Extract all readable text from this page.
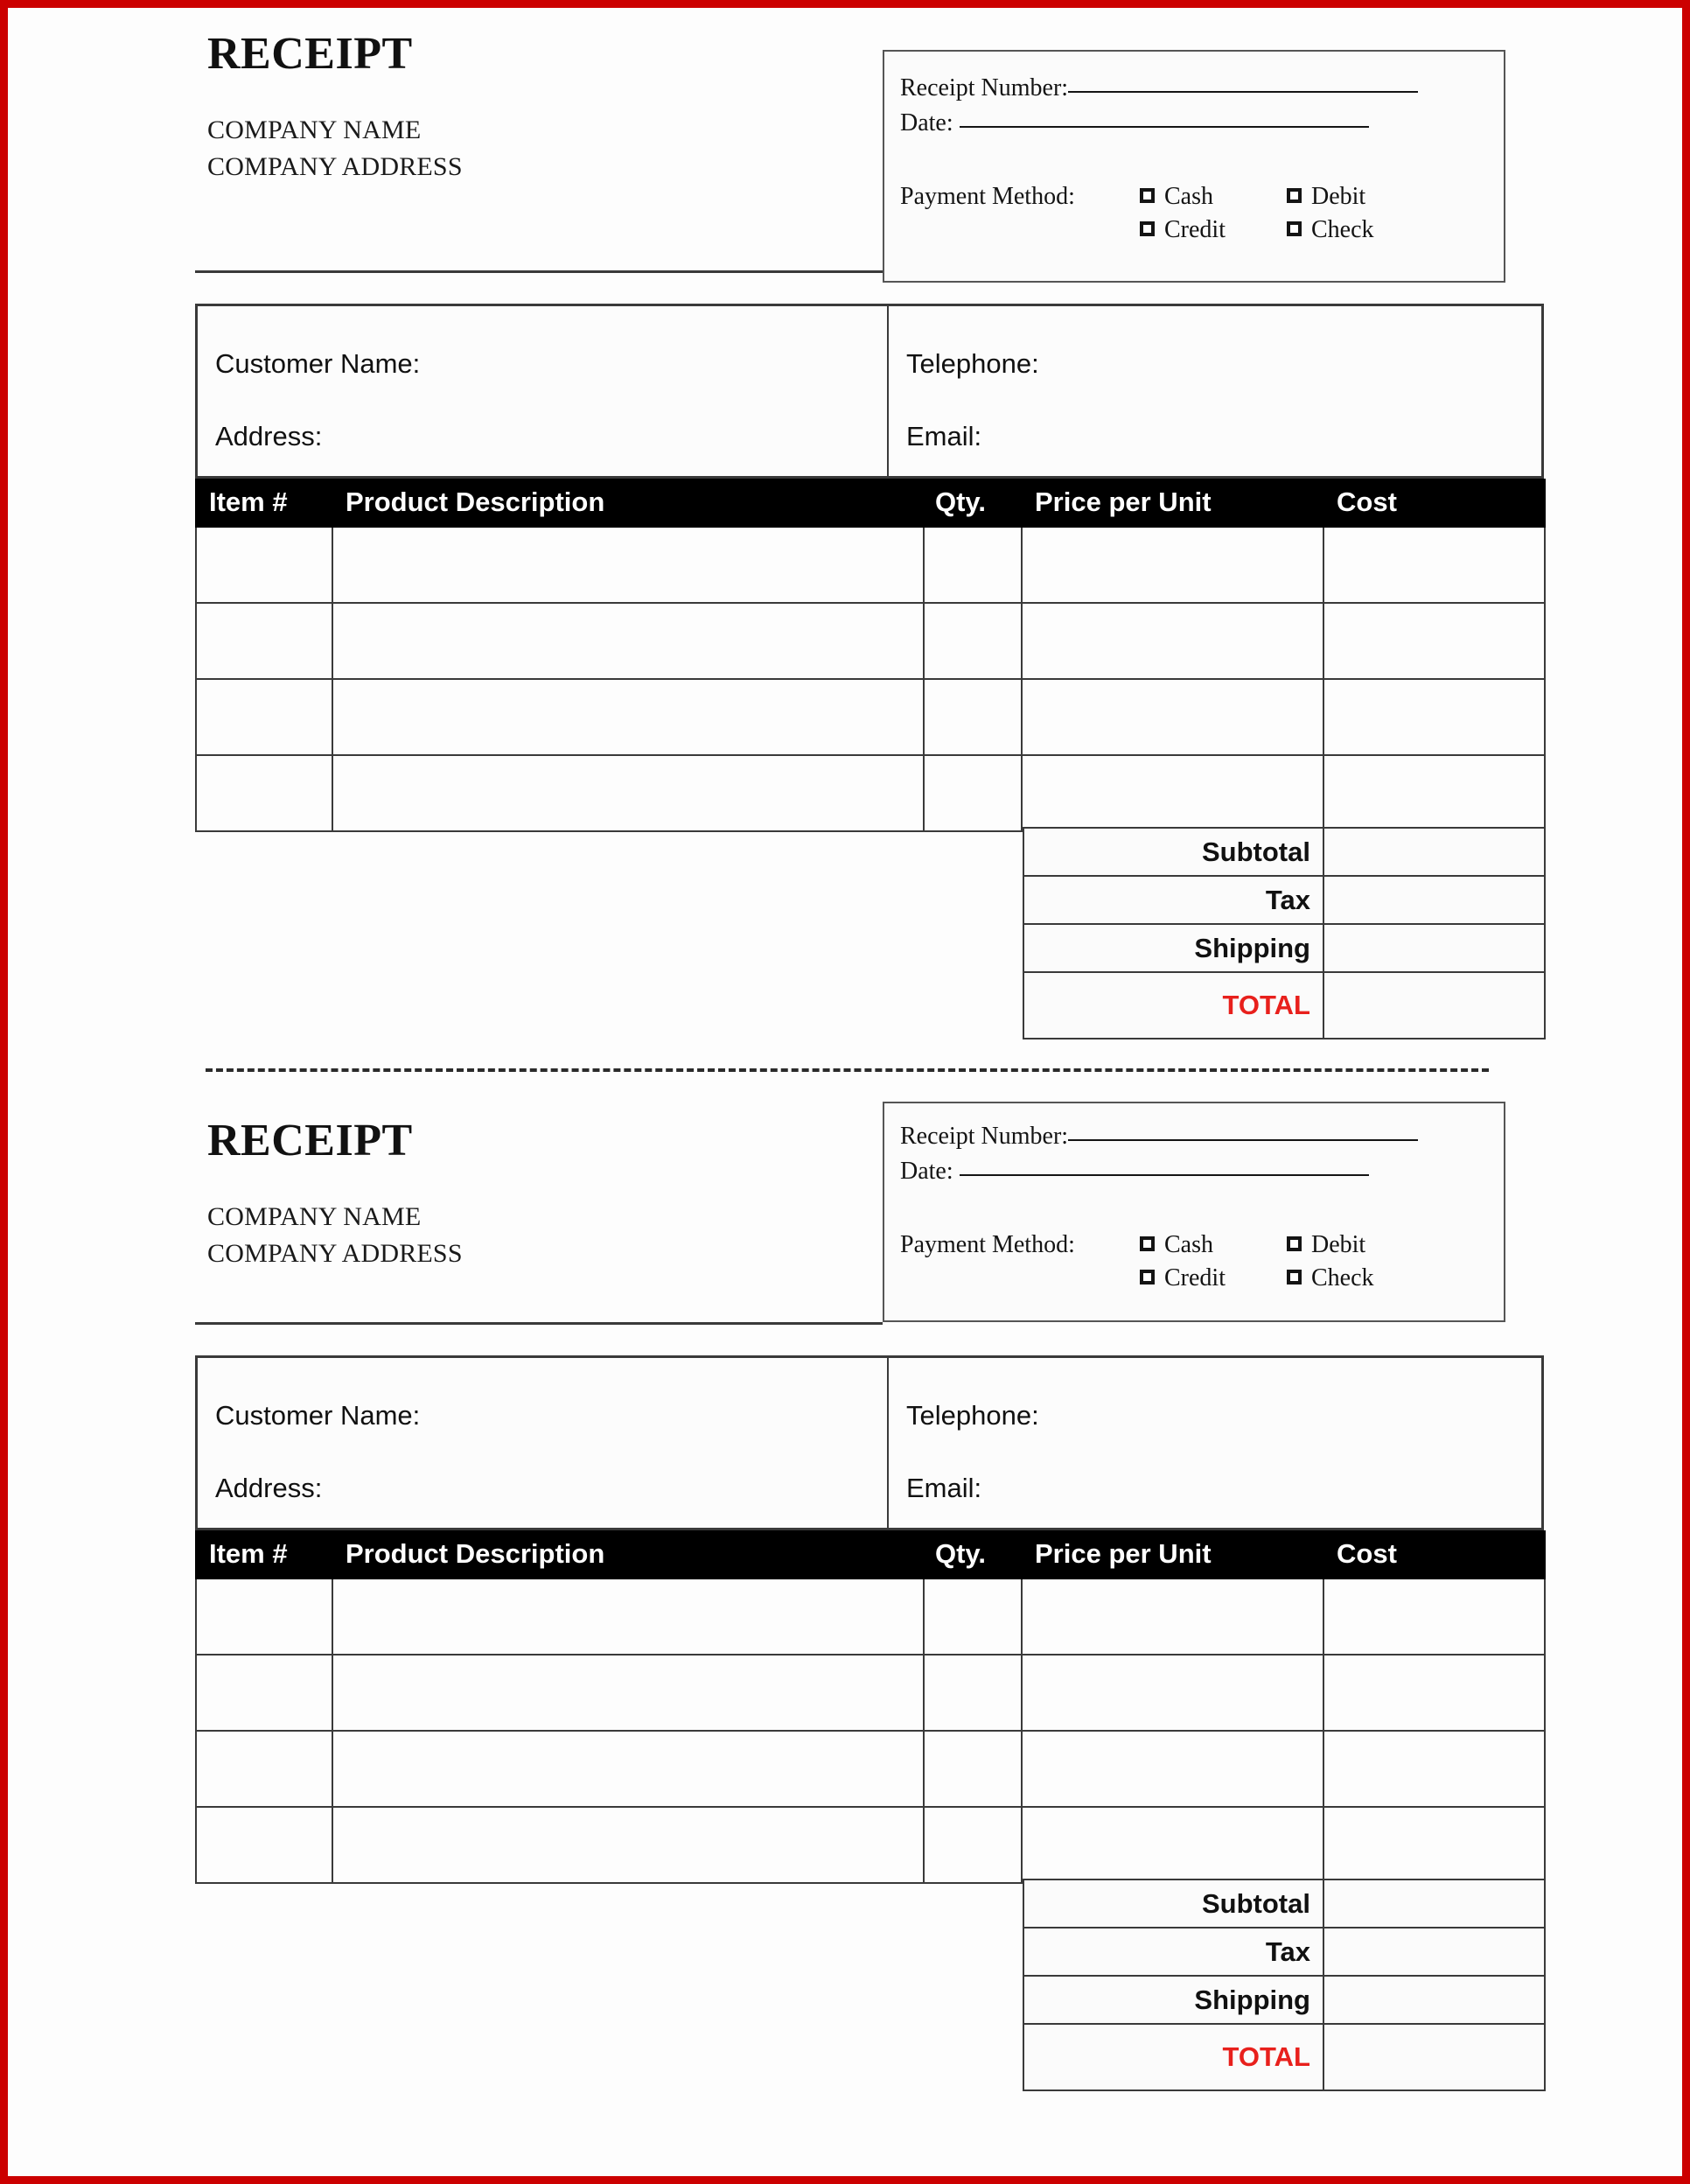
RECEIPT
COMPANY NAME
COMPANY ADDRESS
Receipt Number:
Date:
Payment Method:	Cash	Debit
Credit	Check
Customer Name:
Address:
Telephone:
Email:
Item #	Product Description	Qty.	Price per Unit	Cost

Subtotal	
Tax	
Shipping	
TOTAL	
RECEIPT
COMPANY NAME
COMPANY ADDRESS
Receipt Number:
Date:
Payment Method:	Cash	Debit
Credit	Check
Customer Name:
Address:
Telephone:
Email:
Item #	Product Description	Qty.	Price per Unit	Cost

Subtotal	
Tax	
Shipping	
TOTAL	
